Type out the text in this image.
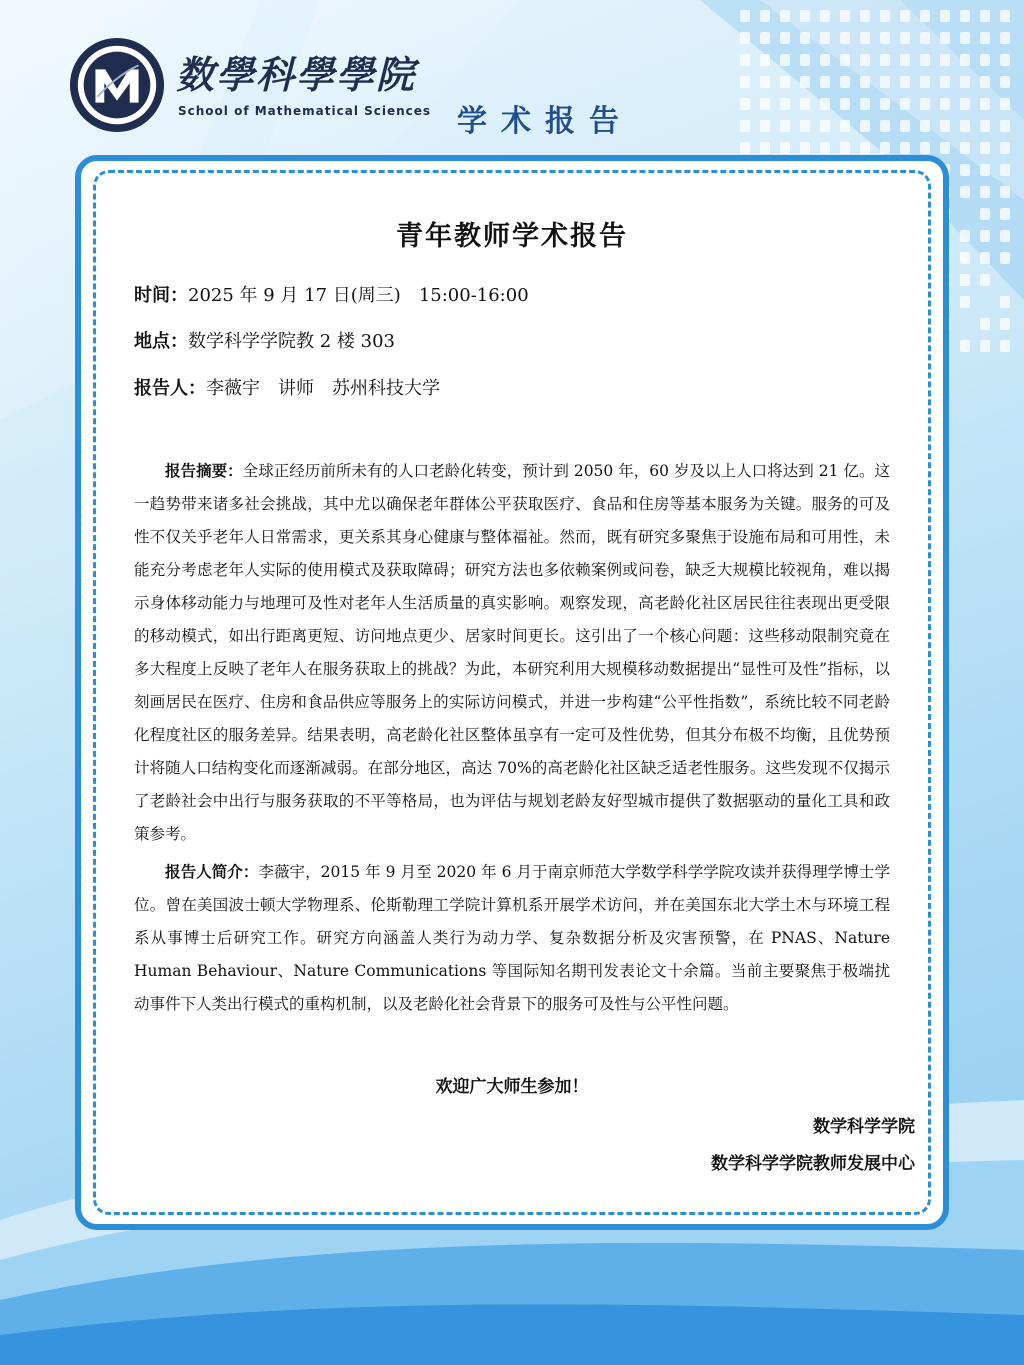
数學科學學院
School of Mathematical Sciences 学术报告
青年教师学术报告
时间：2025 年 9 月 17 日(周三)　15:00-16:00
地点：数学科学学院教 2 楼 303
报告人：李薇宇　讲师　苏州科技大学

报告摘要：全球正经历前所未有的人口老龄化转变，预计到 2050 年，60 岁及以上人口将达到 21 亿。这一趋势带来诸多社会挑战，其中尤以确保老年群体公平获取医疗、食品和住房等基本服务为关键。服务的可及性不仅关乎老年人日常需求，更关系其身心健康与整体福祉。然而，既有研究多聚焦于设施布局和可用性，未能充分考虑老年人实际的使用模式及获取障碍；研究方法也多依赖案例或问卷，缺乏大规模比较视角，难以揭示身体移动能力与地理可及性对老年人生活质量的真实影响。观察发现，高老龄化社区居民往往表现出更受限的移动模式，如出行距离更短、访问地点更少、居家时间更长。这引出了一个核心问题：这些移动限制究竟在多大程度上反映了老年人在服务获取上的挑战？为此，本研究利用大规模移动数据提出“显性可及性”指标，以刻画居民在医疗、住房和食品供应等服务上的实际访问模式，并进一步构建“公平性指数”，系统比较不同老龄化程度社区的服务差异。结果表明，高老龄化社区整体虽享有一定可及性优势，但其分布极不均衡，且优势预计将随人口结构变化而逐渐减弱。在部分地区，高达 70%的高老龄化社区缺乏适老性服务。这些发现不仅揭示了老龄社会中出行与服务获取的不平等格局，也为评估与规划老龄友好型城市提供了数据驱动的量化工具和政策参考。

报告人简介：李薇宇，2015 年 9 月至 2020 年 6 月于南京师范大学数学科学学院攻读并获得理学博士学位。曾在美国波士顿大学物理系、伦斯勒理工学院计算机系开展学术访问，并在美国东北大学土木与环境工程系从事博士后研究工作。研究方向涵盖人类行为动力学、复杂数据分析及灾害预警，在 PNAS、Nature Human Behaviour、Nature Communications 等国际知名期刊发表论文十余篇。当前主要聚焦于极端扰动事件下人类出行模式的重构机制，以及老龄化社会背景下的服务可及性与公平性问题。

欢迎广大师生参加！
数学科学学院
数学科学学院教师发展中心
